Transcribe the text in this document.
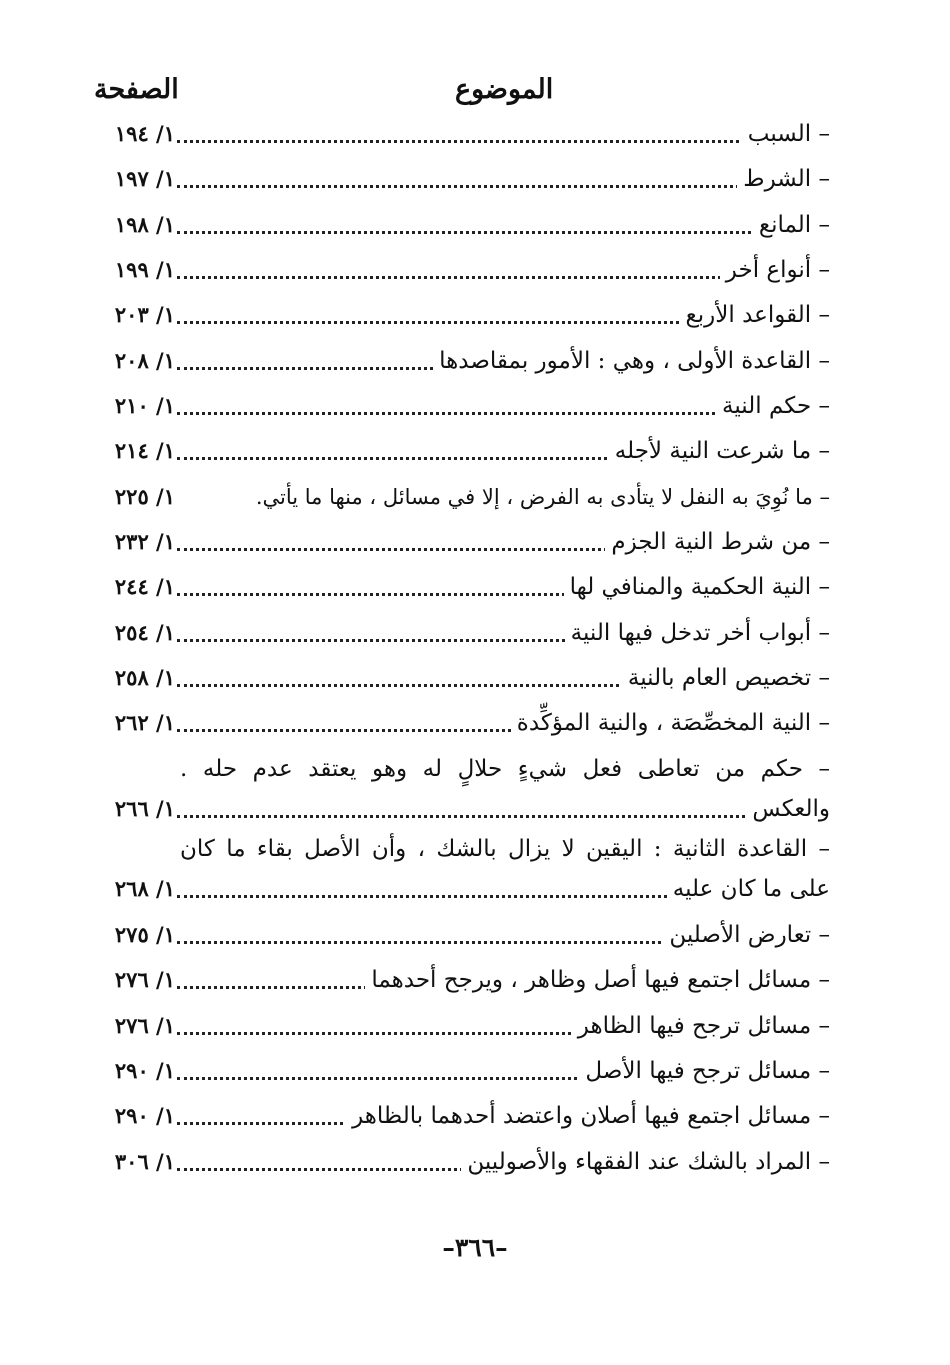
الموضوع
الصفحة
– السبب
١/ ١٩٤
– الشرط
١/ ١٩٧
– المانع
١/ ١٩٨
– أنواع أخر
١/ ١٩٩
– القواعد الأربع
١/ ٢٠٣
– القاعدة الأولى ، وهي : الأمور بمقاصدها
١/ ٢٠٨
– حكم النية
١/ ٢١٠
– ما شرعت النية لأجله
١/ ٢١٤
– ما نُوِيَ به النفل لا يتأدى به الفرض ، إلا في مسائل ، منها ما يأتي.
١/ ٢٢٥
– من شرط النية الجزم
١/ ٢٣٢
– النية الحكمية والمنافي لها
١/ ٢٤٤
– أبواب أخر تدخل فيها النية
١/ ٢٥٤
– تخصيص العام بالنية
١/ ٢٥٨
– النية المخصِّصَة ، والنية المؤكِّدة
١/ ٢٦٢
– حكم من تعاطى فعل شيءٍ حلالٍ له وهو يعتقد عدم حله .
والعكس
١/ ٢٦٦
– القاعدة الثانية : اليقين لا يزال بالشك ، وأن الأصل بقاء ما كان
على ما كان عليه
١/ ٢٦٨
– تعارض الأصلين
١/ ٢٧٥
– مسائل اجتمع فيها أصل وظاهر ، ويرجح أحدهما
١/ ٢٧٦
– مسائل ترجح فيها الظاهر
١/ ٢٧٦
– مسائل ترجح فيها الأصل
١/ ٢٩٠
– مسائل اجتمع فيها أصلان واعتضد أحدهما بالظاهر
١/ ٢٩٠
– المراد بالشك عند الفقهاء والأصوليين
١/ ٣٠٦
–٣٦٦–
